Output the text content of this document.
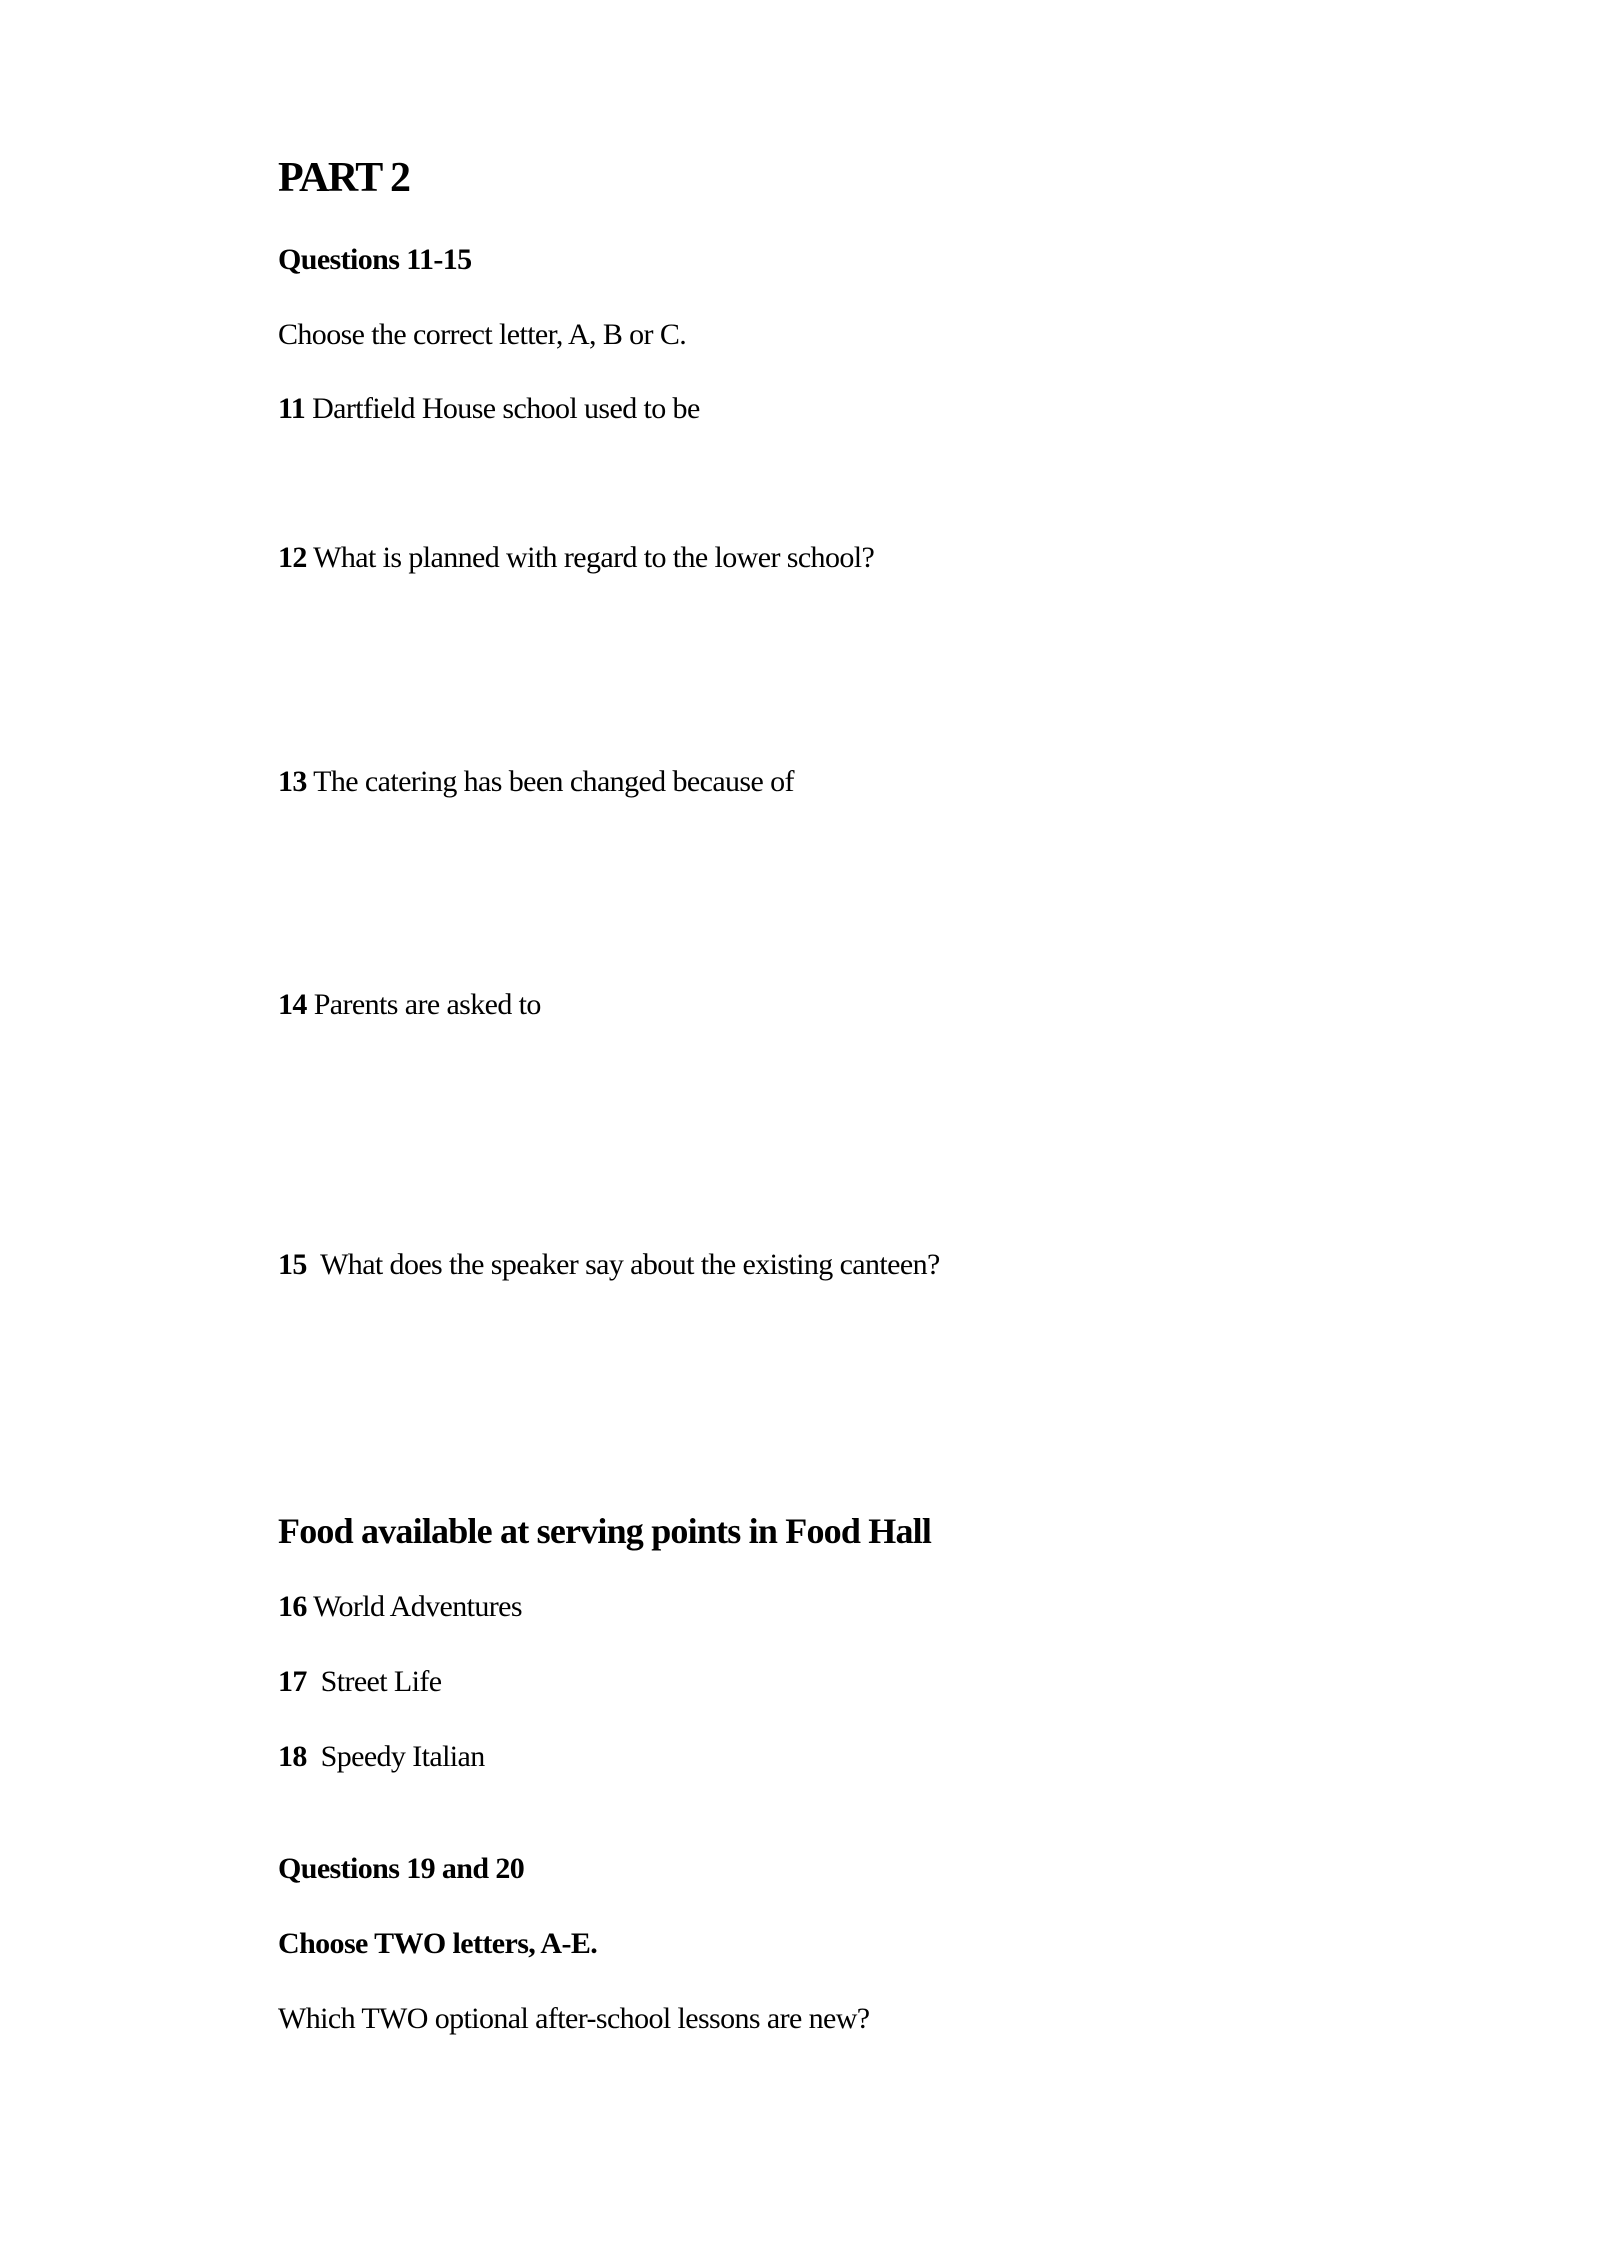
PART 2
Questions 11-15
Choose the correct letter, A, B or C.
11 Dartfield House school used to be
12 What is planned with regard to the lower school?
13 The catering has been changed because of
14 Parents are asked to
15  What does the speaker say about the existing canteen?
Food available at serving points in Food Hall
16 World Adventures
17  Street Life
18  Speedy Italian
Questions 19 and 20
Choose TWO letters, A-E.
Which TWO optional after-school lessons are new?
